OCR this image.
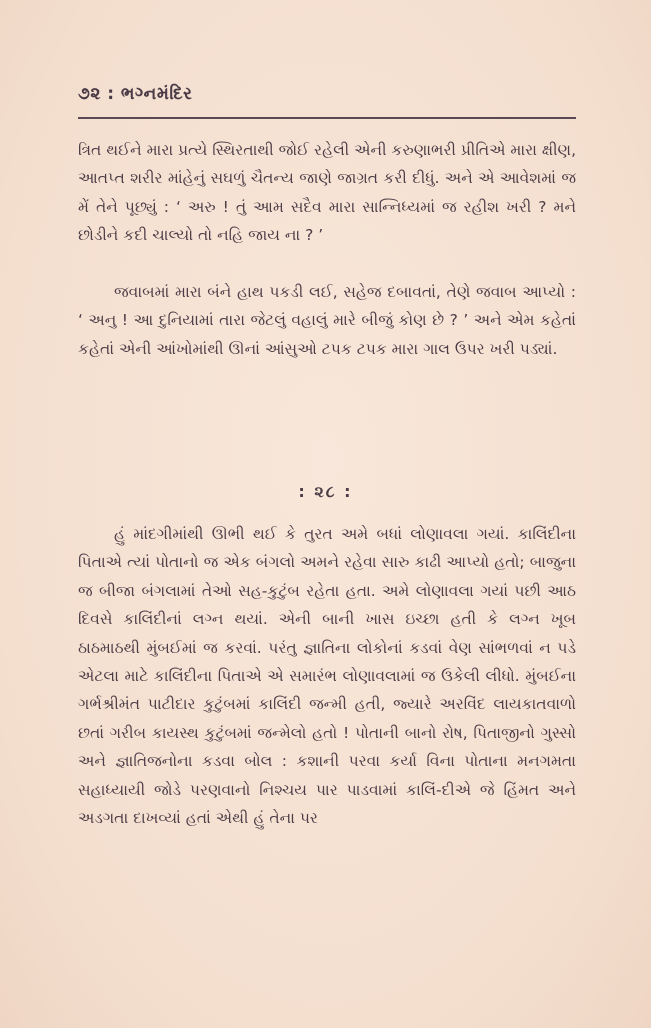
૭૨ : ભગ્નમંદિર

ત્રિત થઈને મારા પ્રત્યે સ્થિરતાથી જોઈ રહેલી એની કરુણાભરી પ્રીતિએ મારા ક્ષીણ, આતપ્ત શરીર માંહેનું સઘળું ચૈતન્ય જાણે જાગ્રત કરી દીધું. અને એ આવેશમાં જ મેં તેને પૂછ્યું : ‘ અરુ ! તું આમ સદૈવ મારા સાન્નિધ્યમાં જ રહીશ ખરી ? મને છોડીને કદી ચાલ્યો તો નહિ જાય ના ? ’

જવાબમાં મારા બંને હાથ પકડી લઈ, સહેજ દબાવતાં, તેણે જવાબ આપ્યો : ‘ અનુ ! આ દુનિયામાં તારા જેટલું વહાલું મારે બીજું કોણ છે ? ’ અને એમ કહેતાં કહેતાં એની આંખોમાંથી ઊનાં આંસુઓ ટપક ટપક મારા ગાલ ઉપર ખરી પડ્યાં.

: ૨૮ :

હું માંદગીમાંથી ઊભી થઈ કે તુરત અમે બધાં લોણાવલા ગયાં. કાલિંદીના પિતાએ ત્યાં પોતાનો જ એક બંગલો અમને રહેવા સારુ કાઢી આપ્યો હતો; બાજુના જ બીજા બંગલામાં તેઓ સહ-કુટુંબ રહેતા હતા. અમે લોણાવલા ગયાં પછી આઠ દિવસે કાલિંદીનાં લગ્ન થયાં. એની બાની ખાસ ઇચ્છા હતી કે લગ્ન ખૂબ ઠાઠમાઠથી મુંબઈમાં જ કરવાં. પરંતુ જ્ઞાતિના લોકોનાં કડવાં વેણ સાંભળવાં ન પડે એટલા માટે કાલિંદીના પિતાએ એ સમારંભ લોણાવલામાં જ ઉકેલી લીધો. મુંબઈના ગર્ભશ્રીમંત પાટીદાર કુટુંબમાં કાલિંદી જન્મી હતી, જ્યારે અરવિંદ લાયકાતવાળો છતાં ગરીબ કાયસ્થ કુટુંબમાં જન્મેલો હતો ! પોતાની બાનો રોષ, પિતાજીનો ગુસ્સો અને જ્ઞાતિજનોના કડવા બોલ : કશાની પરવા કર્યા વિના પોતાના મનગમતા સહાધ્યાયી જોડે પરણવાનો નિશ્ચય પાર પાડવામાં કાલિં-દીએ જે હિંમત અને અડગતા દાખવ્યાં હતાં એથી હું તેના પર
